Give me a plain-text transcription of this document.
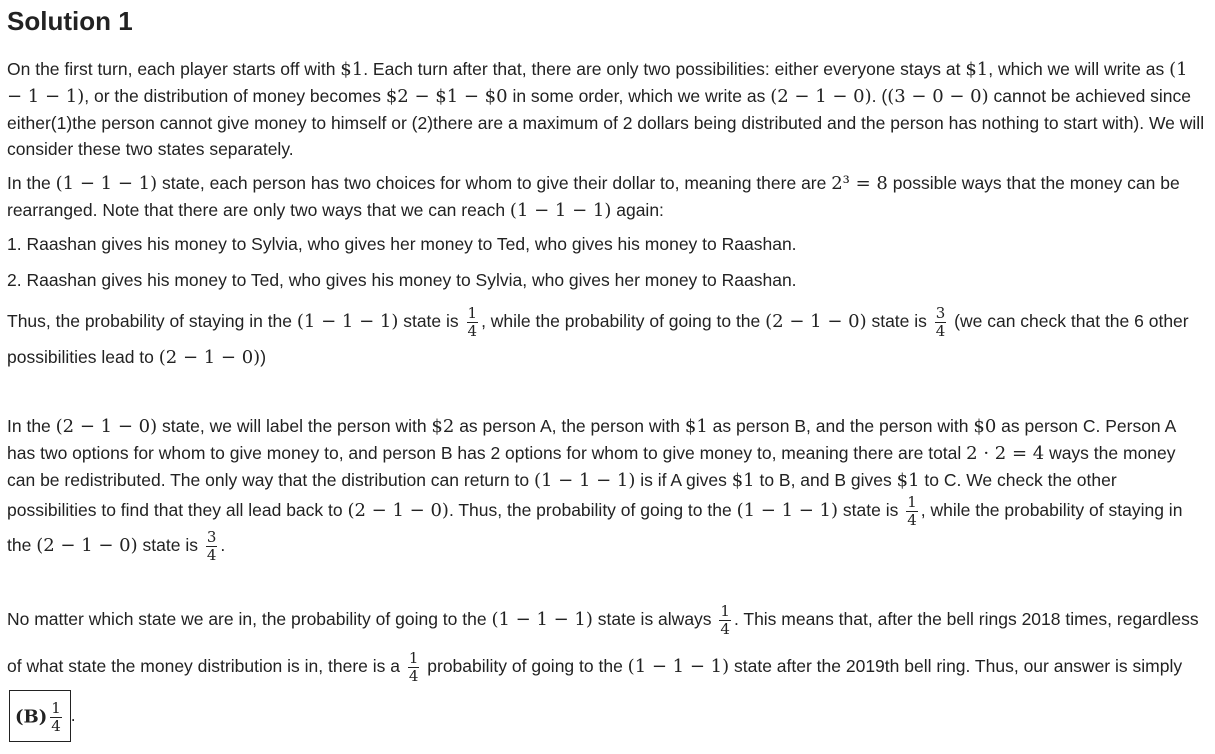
Solution 1
On the first turn, each player starts off with $1. Each turn after that, there are only two possibilities: either everyone stays at $1, which we will write as (1 − 1 − 1), or the distribution of money becomes $2 − $1 − $0 in some order, which we write as (2 − 1 − 0). ((3 − 0 − 0) cannot be achieved since either(1)the person cannot give money to himself or (2)there are a maximum of 2 dollars being distributed and the person has nothing to start with). We will consider these two states separately.
In the (1 − 1 − 1) state, each person has two choices for whom to give their dollar to, meaning there are 2³ = 8 possible ways that the money can be rearranged. Note that there are only two ways that we can reach (1 − 1 − 1) again:
1. Raashan gives his money to Sylvia, who gives her money to Ted, who gives his money to Raashan.
2. Raashan gives his money to Ted, who gives his money to Sylvia, who gives her money to Raashan.
Thus, the probability of staying in the (1 − 1 − 1) state is $\frac{1}{4}$ , while the probability of going to the (2 − 1 − 0) state is $\frac{3}{4} (we$ can check that the 6 other possibilities lead to (2 − 1 − 0))
In the (2 − 1 − 0) state, we will label the person with $2 as person A, the person with $1 as person B, and the person with $0 as person C. Person A has two options for whom to give money to, and person B has 2 options for whom to give money to, meaning there are total 2 · 2 = 4 ways the money can be redistributed. The only way that the distribution can return to (1 − 1 − 1) is if A gives $1 to B, and B gives $1 to C. We check the other possibilities to find that they all lead back to (2 − 1 − 0). Thus, the probability of going to the (1 − 1 − 1) state is $\frac{1}{4}$ , while the probability of staying in the (2 − 1 − 0) state is $\frac{3}{4}$ .
No matter which state we are in, the probability of going to the (1 − 1 − 1) state is always $\frac{1}{4}$ . This means that, after the bell rings 2018 times, regardless of what state the money distribution is in, there is a $\frac{1}{4}$ probability of going to the (1 − 1 − 1) state after the 2019th bell ring. Thus, our answer is simply $(B) \frac{1}{4}$ .
